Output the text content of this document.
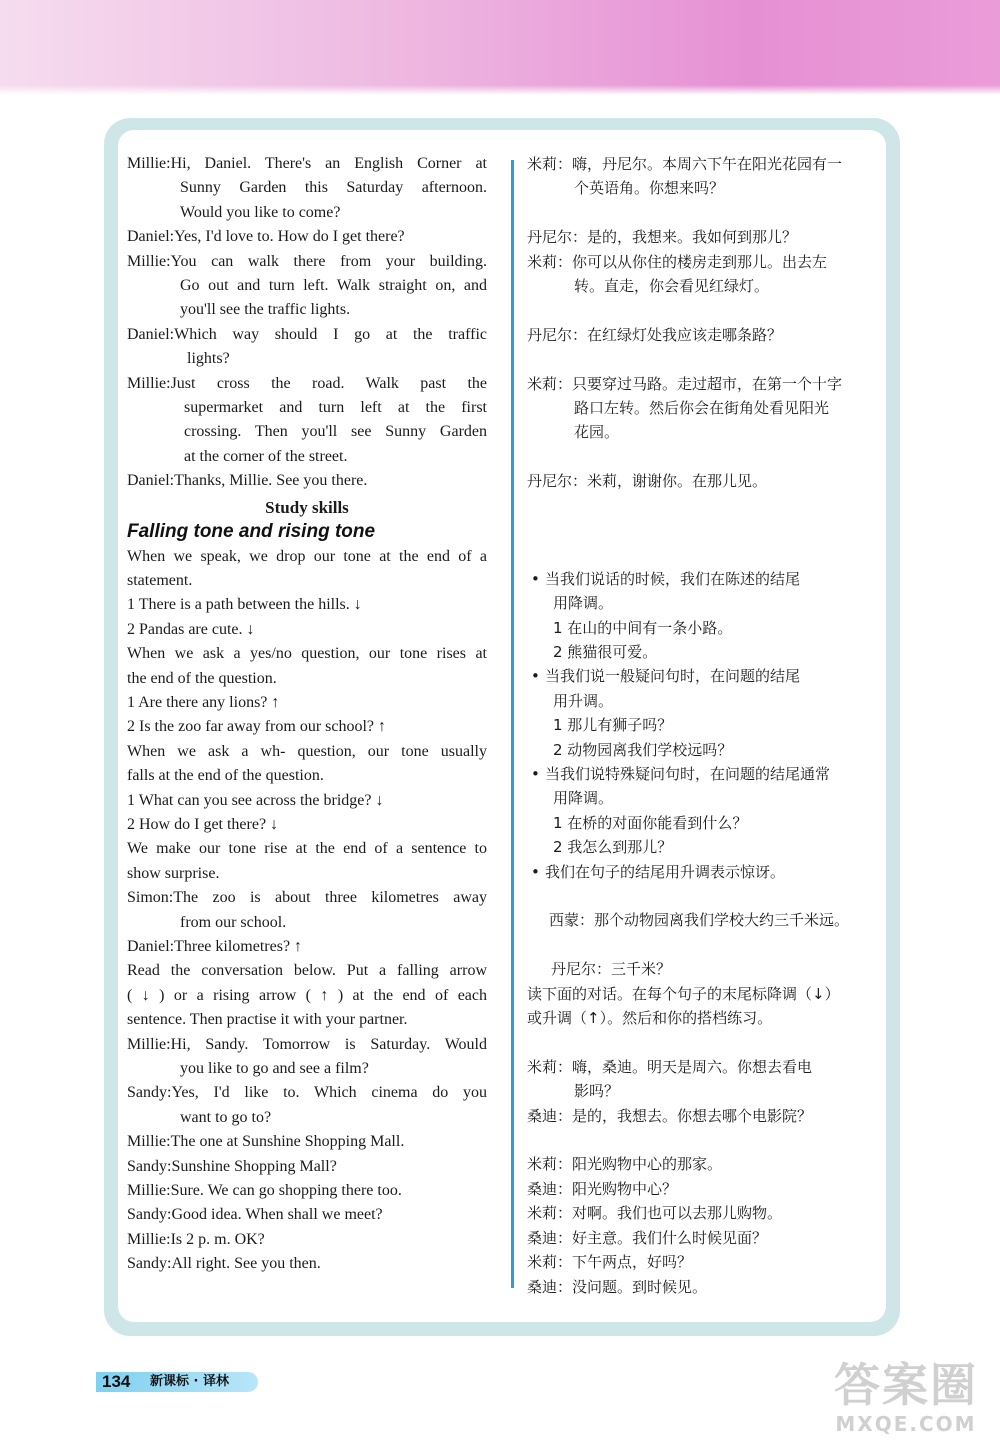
Millie:Hi, Daniel. There's an English Corner at
Sunny Garden this Saturday afternoon.
Would you like to come?
Daniel:Yes, I'd love to. How do I get there?
Millie:You can walk there from your building.
Go out and turn left. Walk straight on, and
you'll see the traffic lights.
Daniel:Which way should I go at the traffic
lights?
Millie:Just cross the road. Walk past the
supermarket and turn left at the first
crossing. Then you'll see Sunny Garden
at the corner of the street.
Daniel:Thanks, Millie. See you there.
Study skills
Falling tone and rising tone
When we speak, we drop our tone at the end of a
statement.
1 There is a path between the hills. ↓
2 Pandas are cute. ↓
When we ask a yes/no question, our tone rises at
the end of the question.
1 Are there any lions? ↑
2 Is the zoo far away from our school? ↑
When we ask a wh- question, our tone usually
falls at the end of the question.
1 What can you see across the bridge? ↓
2 How do I get there? ↓
We make our tone rise at the end of a sentence to
show surprise.
Simon:The zoo is about three kilometres away
from our school.
Daniel:Three kilometres? ↑
Read the conversation below. Put a falling arrow
( ↓ ) or a rising arrow ( ↑ ) at the end of each
sentence. Then practise it with your partner.
Millie:Hi, Sandy. Tomorrow is Saturday. Would
you like to go and see a film?
Sandy:Yes, I'd like to. Which cinema do you
want to go to?
Millie:The one at Sunshine Shopping Mall.
Sandy:Sunshine Shopping Mall?
Millie:Sure. We can go shopping there too.
Sandy:Good idea. When shall we meet?
Millie:Is 2 p. m. OK?
Sandy:All right. See you then.
米莉：嗨，丹尼尔。本周六下午在阳光花园有一
个英语角。你想来吗？
丹尼尔：是的，我想来。我如何到那儿？
米莉：你可以从你住的楼房走到那儿。出去左
转。直走，你会看见红绿灯。
丹尼尔：在红绿灯处我应该走哪条路？
米莉：只要穿过马路。走过超市，在第一个十字
路口左转。然后你会在街角处看见阳光
花园。
丹尼尔：米莉，谢谢你。在那儿见。
• 当我们说话的时候，我们在陈述的结尾
用降调。
1 在山的中间有一条小路。
2 熊猫很可爱。
• 当我们说一般疑问句时，在问题的结尾
用升调。
1 那儿有狮子吗？
2 动物园离我们学校远吗？
• 当我们说特殊疑问句时，在问题的结尾通常
用降调。
1 在桥的对面你能看到什么？
2 我怎么到那儿？
• 我们在句子的结尾用升调表示惊讶。
西蒙：那个动物园离我们学校大约三千米远。
丹尼尔：三千米？
读下面的对话。在每个句子的末尾标降调（↓）
或升调（↑）。然后和你的搭档练习。
米莉：嗨，桑迪。明天是周六。你想去看电
影吗？
桑迪：是的，我想去。你想去哪个电影院？
米莉：阳光购物中心的那家。
桑迪：阳光购物中心？
米莉：对啊。我们也可以去那儿购物。
桑迪：好主意。我们什么时候见面？
米莉：下午两点，好吗？
桑迪：没问题。到时候见。
134 新课标 · 译林	答案圈
MXQE.COM
